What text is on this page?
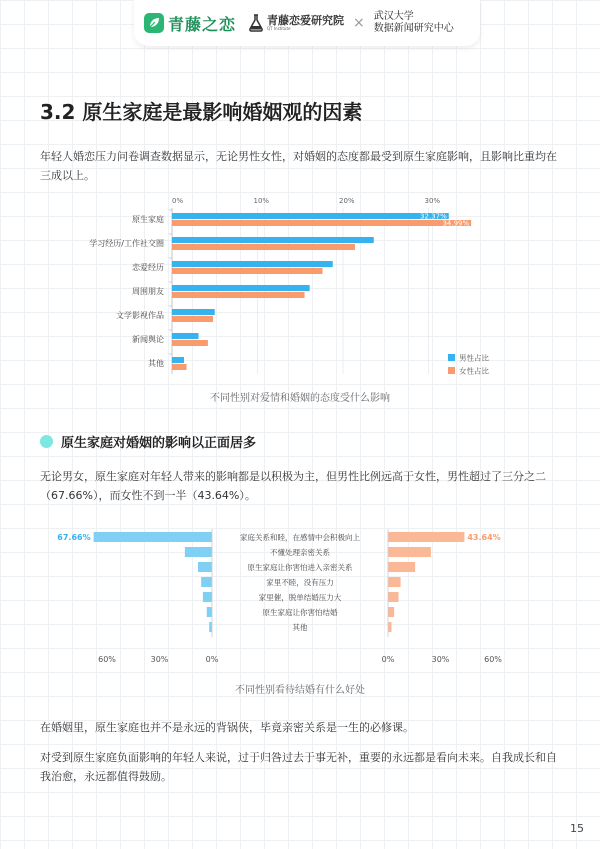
青藤之恋	青藤恋爱研究院
QT Institute	× 武汉大学
数据新闻研究中心
3.2 原生家庭是最影响婚姻观的因素
年轻人婚恋压力问卷调查数据显示，无论男性女性，对婚姻的态度都最受到原生家庭影响，且影响比重均在三成以上。
0%	10%	20%	30%
原生家庭	32.37%
34.99%
学习经历/工作社交圈
恋爱经历
周围朋友
文学影视作品
新闻舆论
其他
男性占比
女性占比
不同性别对爱情和婚姻的态度受什么影响
原生家庭对婚姻的影响以正面居多
无论男女，原生家庭对年轻人带来的影响都是以积极为主，但男性比例远高于女性，男性超过了三分之二（67.66%），而女性不到一半（43.64%）。
家庭关系和睦，在感情中会积极向上
67.66%	43.64%
不懂处理亲密关系
原生家庭让你害怕进入亲密关系
家里不睦，没有压力
家里催，脱单结婚压力大
原生家庭让你害怕结婚
其他
60%	30%	0%	0%	30%	60%
不同性别看待结婚有什么好处
在婚姻里，原生家庭也并不是永远的背锅侠，毕竟亲密关系是一生的必修课。
对受到原生家庭负面影响的年轻人来说，过于归咎过去于事无补，重要的永远都是看向未来。自我成长和自我治愈，永远都值得鼓励。
15
